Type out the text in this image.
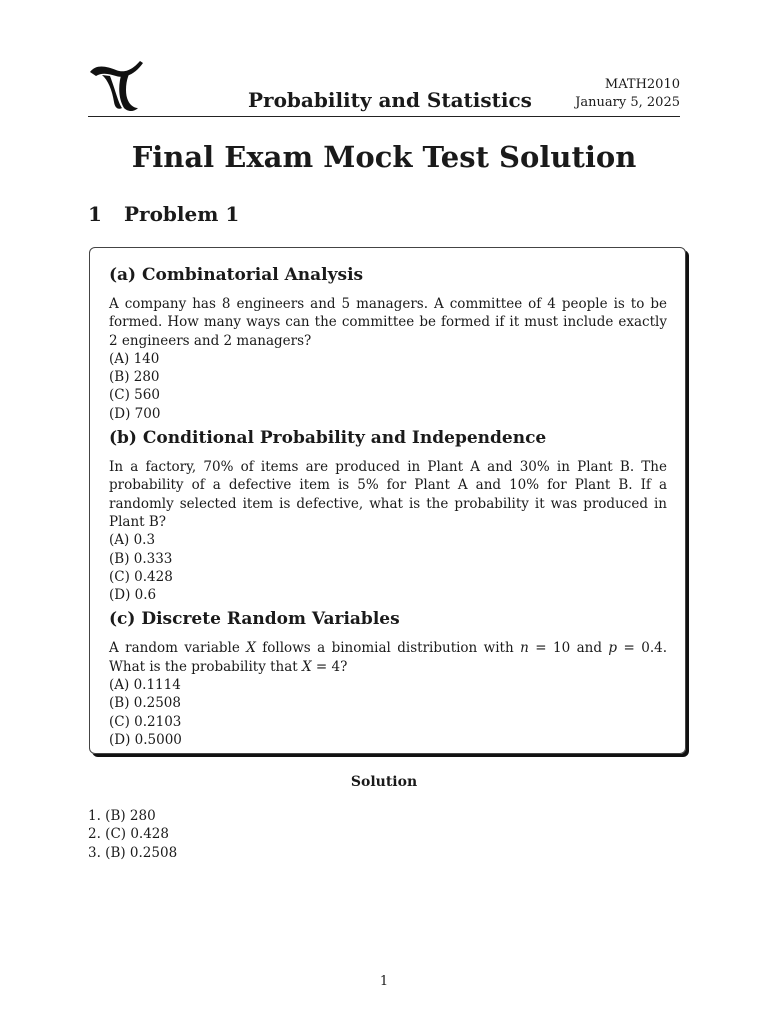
Probability and Statistics
MATH2010
January 5, 2025
Final Exam Mock Test Solution
1 Problem 1
(a) Combinatorial Analysis
A company has 8 engineers and 5 managers. A committee of 4 people is to be formed. How many ways can the committee be formed if it must include exactly 2 engineers and 2 managers?
(A) 140
(B) 280
(C) 560
(D) 700
(b) Conditional Probability and Independence
In a factory, 70% of items are produced in Plant A and 30% in Plant B. The probability of a defective item is 5% for Plant A and 10% for Plant B. If a randomly selected item is defective, what is the probability it was produced in Plant B?
(A) 0.3
(B) 0.333
(C) 0.428
(D) 0.6
(c) Discrete Random Variables
A random variable X follows a binomial distribution with n = 10 and p = 0.4. What is the probability that X = 4?
(A) 0.1114
(B) 0.2508
(C) 0.2103
(D) 0.5000
Solution
1. (B) 280
2. (C) 0.428
3. (B) 0.2508
1
